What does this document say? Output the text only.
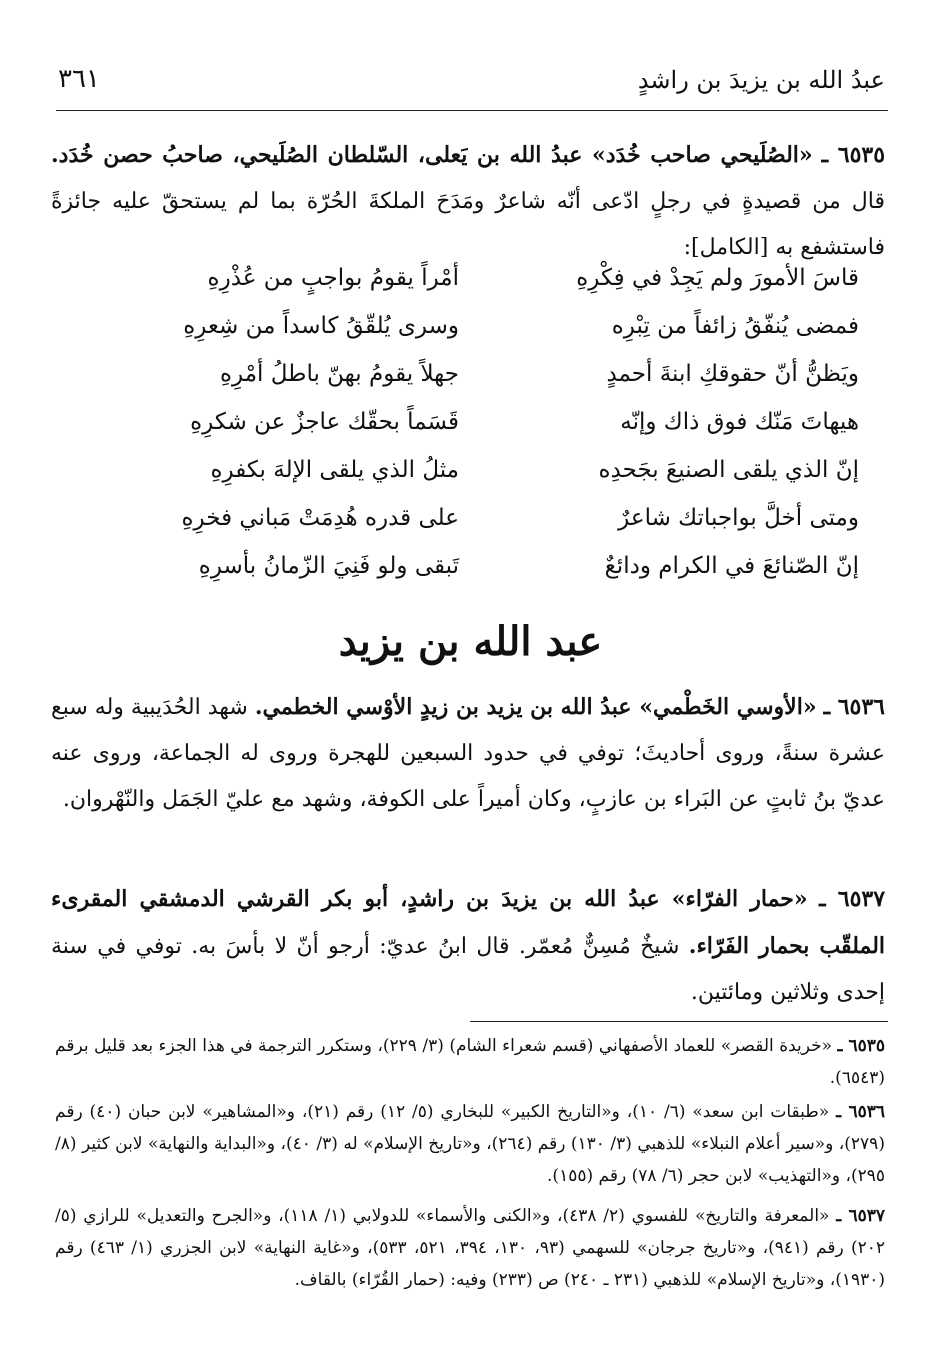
عبدُ الله بن يزيدَ بن راشدٍ
٣٦١
٦٥٣٥ ـ «الصُلَيحي صاحب خُدَد» عبدُ الله بن يَعلى، السّلطان الصُلَيحي، صاحبُ حصن خُدَد. قال من قصيدةٍ في رجلٍ ادّعى أنّه شاعرٌ ومَدَحَ الملكةَ الحُرّة بما لم يستحقّ عليه جائزةً فاستشفع به [الكامل]:
قاسَ الأمورَ ولم يَجِدْ في فِكْرِهِ
أمْراً يقومُ بواجبٍ من عُذْرِهِ
فمضى يُنفّقُ زائفاً من تِبْرِه
وسرى يُلقّقُ كاسداً من شِعرِهِ
ويَظنُّ أنّ حقوقكِ ابنةَ أحمدٍ
جهلاً يقومُ بهنّ باطلُ أمْرِهِ
هيهاتَ مَنّك فوق ذاك وإنّه
قَسَماً بحقّك عاجزٌ عن شكرِهِ
إنّ الذي يلقى الصنيعَ بجَحدِه
مثلُ الذي يلقى الإلهَ بكفرِهِ
ومتى أخلَّ بواجباتك شاعرٌ
على قدره هُدِمَتْ مَباني فخرِهِ
إنّ الصّنائعَ في الكرام ودائعٌ
تَبقى ولو فَنِيَ الزّمانُ بأسرِهِ
عبد الله بن يزيد
٦٥٣٦ ـ «الأوسي الخَطْمي» عبدُ الله بن يزيد بن زيدٍ الأوْسي الخطمي. شهد الحُدَيبية وله سبع عشرة سنةً، وروى أحاديثَ؛ توفي في حدود السبعين للهجرة وروى له الجماعة، وروى عنه عديّ بنُ ثابتٍ عن البَراء بن عازبٍ، وكان أميراً على الكوفة، وشهد مع عليّ الجَمَل والنّهْروان.
٦٥٣٧ ـ «حمار الفرّاء» عبدُ الله بن يزيدَ بن راشدٍ، أبو بكر القرشي الدمشقي المقرىء الملقّب بحمار الفَرّاء. شيخٌ مُسِنٌّ مُعمّر. قال ابنُ عديّ: أرجو أنّ لا بأسَ به. توفي في سنة إحدى وثلاثين ومائتين.
٦٥٣٥ ـ «خريدة القصر» للعماد الأصفهاني (قسم شعراء الشام) (٣/ ٢٢٩)، وستكرر الترجمة في هذا الجزء بعد قليل برقم (٦٥٤٣).
٦٥٣٦ ـ «طبقات ابن سعد» (٦/ ١٠)، و«التاريخ الكبير» للبخاري (٥/ ١٢) رقم (٢١)، و«المشاهير» لابن حبان (٤٠) رقم (٢٧٩)، و«سير أعلام النبلاء» للذهبي (٣/ ١٣٠) رقم (٢٦٤)، و«تاريخ الإسلام» له (٣/ ٤٠)، و«البداية والنهاية» لابن كثير (٨/ ٢٩٥)، و«التهذيب» لابن حجر (٦/ ٧٨) رقم (١٥٥).
٦٥٣٧ ـ «المعرفة والتاريخ» للفسوي (٢/ ٤٣٨)، و«الكنى والأسماء» للدولابي (١/ ١١٨)، و«الجرح والتعديل» للرازي (٥/ ٢٠٢) رقم (٩٤١)، و«تاريخ جرجان» للسهمي (٩٣، ١٣٠، ٣٩٤، ٥٢١، ٥٣٣)، و«غاية النهاية» لابن الجزري (١/ ٤٦٣) رقم (١٩٣٠)، و«تاريخ الإسلام» للذهبي (٢٣١ ـ ٢٤٠) ص (٢٣٣) وفيه: (حمار القُرّاء) بالقاف.
